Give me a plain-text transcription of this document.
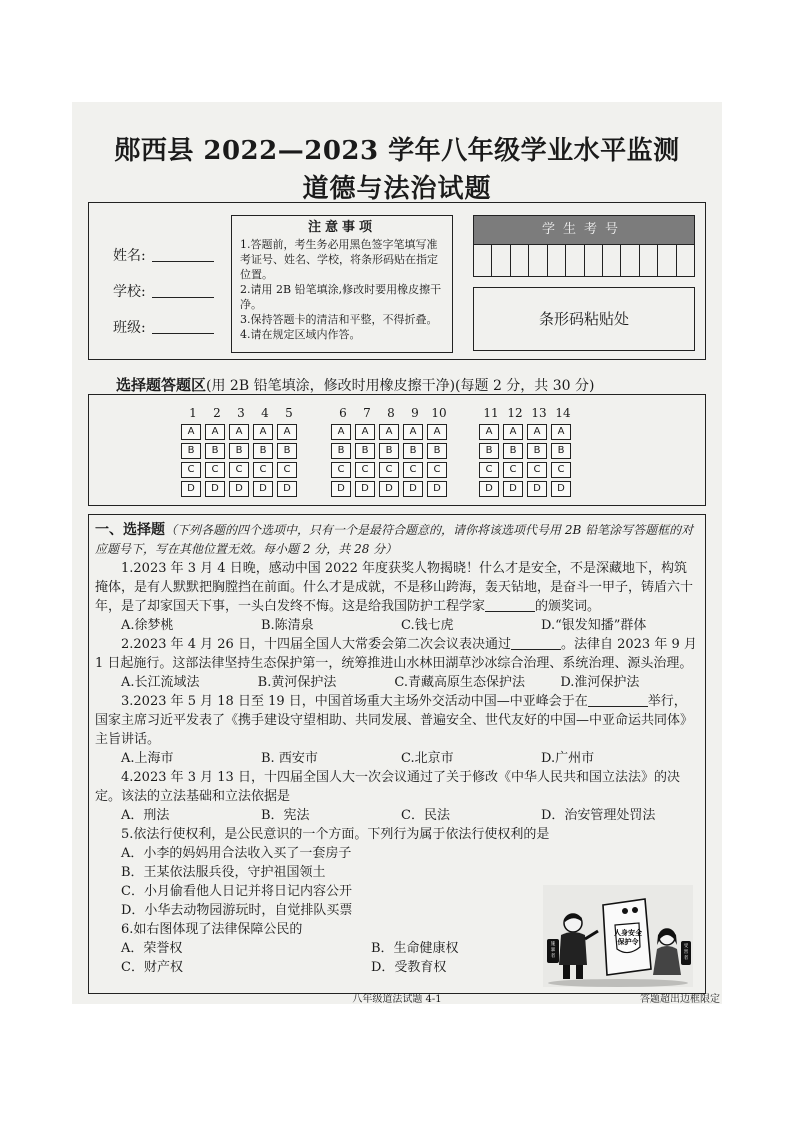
郧西县 2022—2023 学年八年级学业水平监测
道德与法治试题
姓名:
学校:
班级:
注意事项
1.答题前，考生务必用黑色签字笔填写准考证号、姓名、学校，将条形码贴在指定位置。
2.请用 2B 铅笔填涂,修改时要用橡皮擦干净。
3.保持答题卡的清洁和平整，不得折叠。
4.请在规定区域内作答。
学生考号
条形码粘贴处
选择题答题区(用 2B 铅笔填涂，修改时用橡皮擦干净)(每题 2 分，共 30 分)
1	2	3	4	5
A	A	A	A	A
B	B	B	B	B
C	C	C	C	C
D	D	D	D	D
6	7	8	9	10
A	A	A	A	A
B	B	B	B	B
C	C	C	C	C
D	D	D	D	D
11 12 13 14
A	A	A	A
B	B	B	B
C	C	C	C
D	D	D	D

一、选择题（下列各题的四个选项中，只有一个是最符合题意的，请你将该选项代号用 2B 铅笔涂写答题框的对应题号下，写在其他位置无效。每小题 2 分，共 28 分）

1.2023 年 3 月 4 日晚，感动中国 2022 年度获奖人物揭晓！什么才是安全，不是深藏地下，构筑掩体，是有人默默把胸膛挡在前面。什么才是成就，不是移山跨海，轰天钻地，是奋斗一甲子，铸盾六十年，是了却家国天下事，一头白发终不悔。这是给我国防护工程学家	的颁奖词。

A.徐梦桃	B.陈清泉	C.钱七虎	D.“银发知播”群体

2.2023 年 4 月 26 日，十四届全国人大常委会第二次会议表决通过	。法律自 2023 年 9 月 1 日起施行。这部法律坚持生态保护第一，统筹推进山水林田湖草沙冰综合治理、系统治理、源头治理。

A.长江流域法	B.黄河保护法	C.青藏高原生态保护法	D.淮河保护法

3.2023 年 5 月 18 日至 19 日，中国首场重大主场外交活动中国—中亚峰会于在	举行，国家主席习近平发表了《携手建设守望相助、共同发展、普遍安全、世代友好的中国—中亚命运共同体》主旨讲话。

A.上海市	B. 西安市	C.北京市	D.广州市

4.2023 年 3 月 13 日，十四届全国人大一次会议通过了关于修改《中华人民共和国立法法》的决定。该法的立法基础和立法依据是

A．刑法	B．宪法	C．民法	D．治安管理处罚法

5.依法行使权利，是公民意识的一个方面。下列行为属于依法行使权利的是

A．小李的妈妈用合法收入买了一套房子

B．王某依法服兵役，守护祖国领土

C．小月偷看他人日记并将日记内容公开

D．小华去动物园游玩时，自觉排队买票

6.如右图体现了法律保障公民的

A．荣誉权	B．生命健康权
C．财产权	D．受教育权
人身安全保护令
施暴者
受害者
八年级道法试题 4-1	答题超出边框限定
